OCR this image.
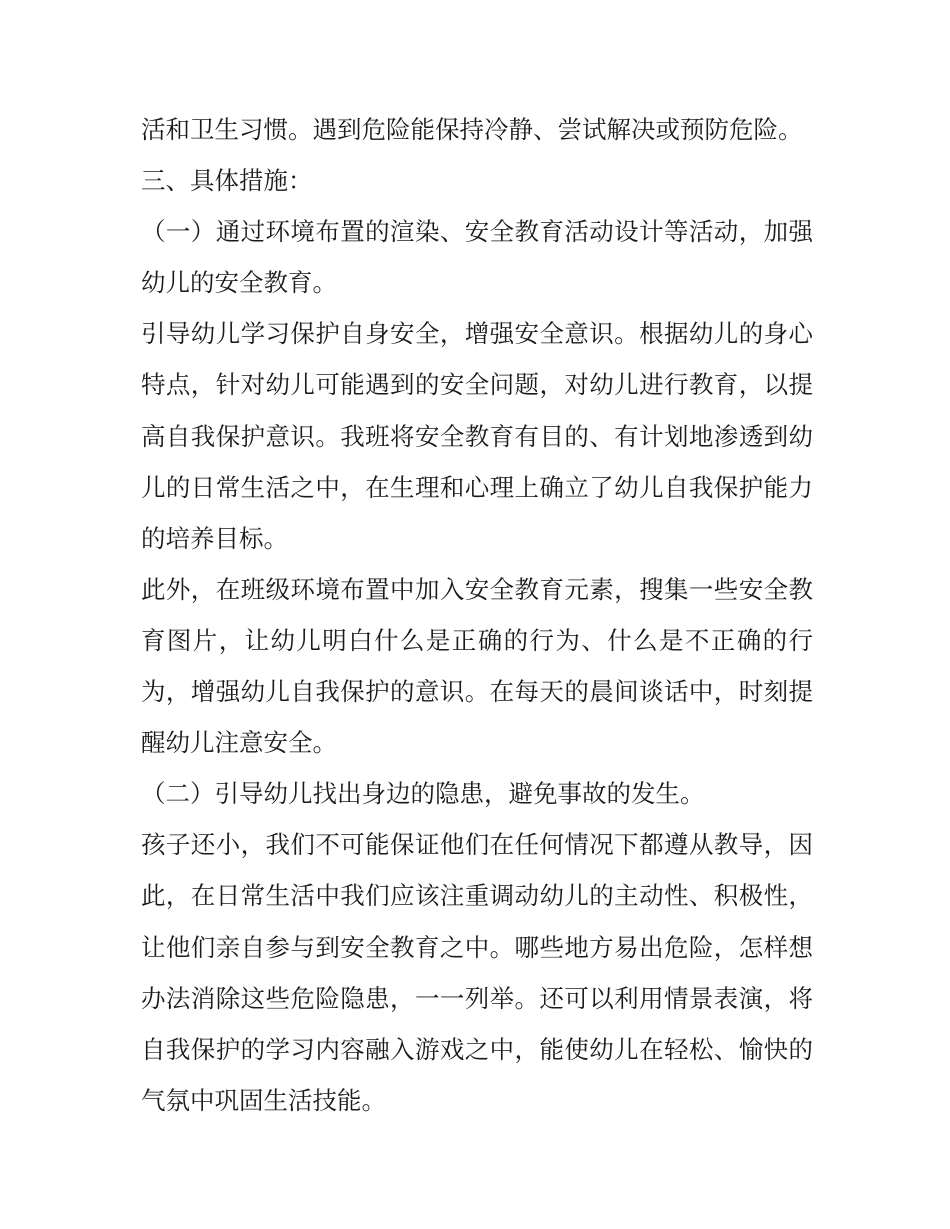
活和卫生习惯。遇到危险能保持冷静、尝试解决或预防危险。

三、具体措施：

（一）通过环境布置的渲染、安全教育活动设计等活动，加强幼儿的安全教育。

引导幼儿学习保护自身安全，增强安全意识。根据幼儿的身心特点，针对幼儿可能遇到的安全问题，对幼儿进行教育，以提高自我保护意识。我班将安全教育有目的、有计划地渗透到幼儿的日常生活之中，在生理和心理上确立了幼儿自我保护能力的培养目标。

此外，在班级环境布置中加入安全教育元素，搜集一些安全教育图片，让幼儿明白什么是正确的行为、什么是不正确的行为，增强幼儿自我保护的意识。在每天的晨间谈话中，时刻提醒幼儿注意安全。

（二）引导幼儿找出身边的隐患，避免事故的发生。

孩子还小，我们不可能保证他们在任何情况下都遵从教导，因此，在日常生活中我们应该注重调动幼儿的主动性、积极性，让他们亲自参与到安全教育之中。哪些地方易出危险，怎样想办法消除这些危险隐患，一一列举。还可以利用情景表演，将自我保护的学习内容融入游戏之中，能使幼儿在轻松、愉快的气氛中巩固生活技能。
